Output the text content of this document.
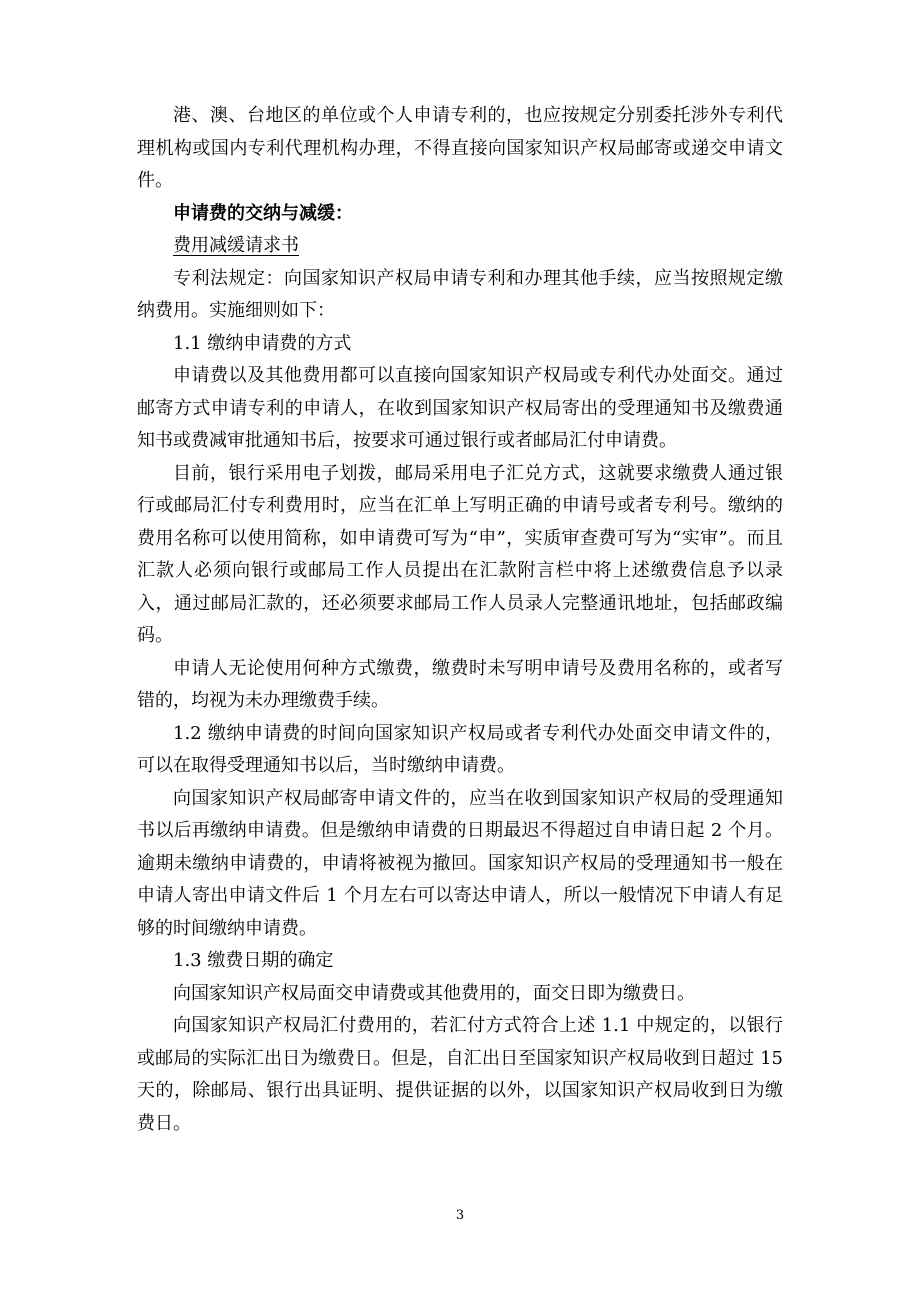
港、澳、台地区的单位或个人申请专利的，也应按规定分别委托涉外专利代理机构或国内专利代理机构办理，不得直接向国家知识产权局邮寄或递交申请文件。

申请费的交纳与减缓：

费用减缓请求书

专利法规定：向国家知识产权局申请专利和办理其他手续，应当按照规定缴纳费用。实施细则如下：

1.1 缴纳申请费的方式

申请费以及其他费用都可以直接向国家知识产权局或专利代办处面交。通过邮寄方式申请专利的申请人，在收到国家知识产权局寄出的受理通知书及缴费通知书或费减审批通知书后，按要求可通过银行或者邮局汇付申请费。

目前，银行采用电子划拨，邮局采用电子汇兑方式，这就要求缴费人通过银行或邮局汇付专利费用时，应当在汇单上写明正确的申请号或者专利号。缴纳的费用名称可以使用简称，如申请费可写为“申”，实质审查费可写为“实审”。而且汇款人必须向银行或邮局工作人员提出在汇款附言栏中将上述缴费信息予以录入，通过邮局汇款的，还必须要求邮局工作人员录人完整通讯地址，包括邮政编码。

申请人无论使用何种方式缴费，缴费时未写明申请号及费用名称的，或者写错的，均视为未办理缴费手续。

1.2 缴纳申请费的时间向国家知识产权局或者专利代办处面交申请文件的，可以在取得受理通知书以后，当时缴纳申请费。

向国家知识产权局邮寄申请文件的，应当在收到国家知识产权局的受理通知书以后再缴纳申请费。但是缴纳申请费的日期最迟不得超过自申请日起 2 个月。逾期未缴纳申请费的，申请将被视为撤回。国家知识产权局的受理通知书一般在申请人寄出申请文件后 1 个月左右可以寄达申请人，所以一般情况下申请人有足够的时间缴纳申请费。

1.3 缴费日期的确定

向国家知识产权局面交申请费或其他费用的，面交日即为缴费日。

向国家知识产权局汇付费用的，若汇付方式符合上述 1.1 中规定的，以银行或邮局的实际汇出日为缴费日。但是，自汇出日至国家知识产权局收到日超过 15 天的，除邮局、银行出具证明、提供证据的以外，以国家知识产权局收到日为缴费日。

3
